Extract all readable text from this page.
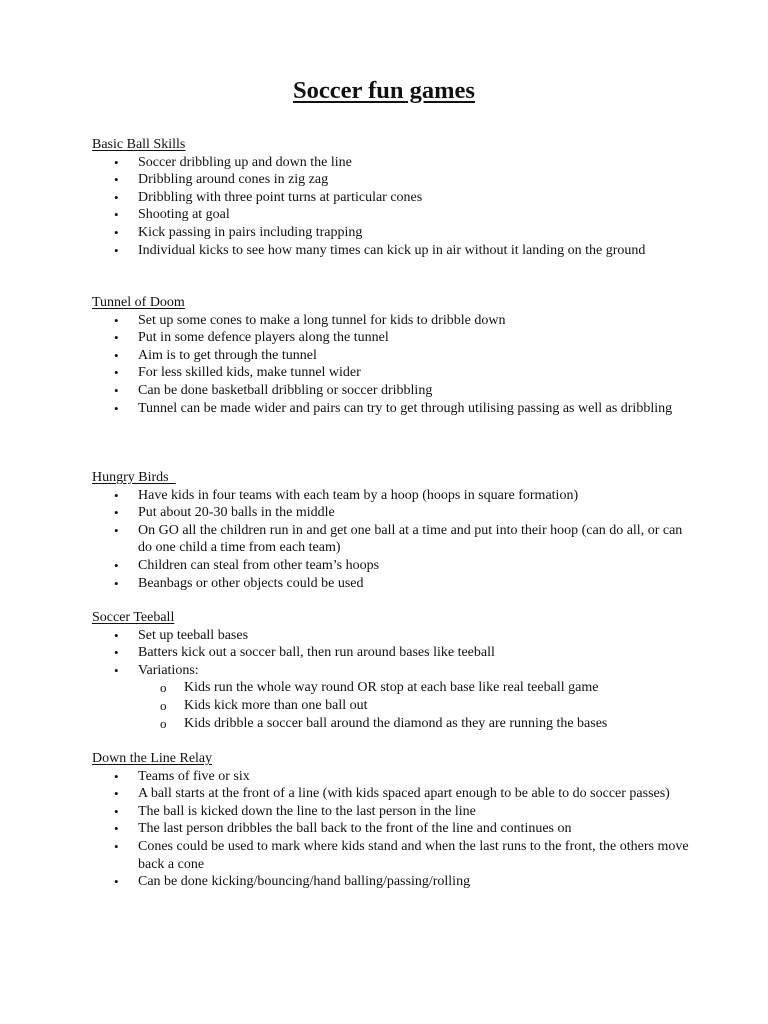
Soccer fun games
Basic Ball Skills
• Soccer dribbling up and down the line
• Dribbling around cones in zig zag
• Dribbling with three point turns at particular cones
• Shooting at goal
• Kick passing in pairs including trapping
• Individual kicks to see how many times can kick up in air without it landing on the ground
Tunnel of Doom
• Set up some cones to make a long tunnel for kids to dribble down
• Put in some defence players along the tunnel
• Aim is to get through the tunnel
• For less skilled kids, make tunnel wider
• Can be done basketball dribbling or soccer dribbling
• Tunnel can be made wider and pairs can try to get through utilising passing as well as dribbling
Hungry Birds
• Have kids in four teams with each team by a hoop (hoops in square formation)
• Put about 20-30 balls in the middle
• On GO all the children run in and get one ball at a time and put into their hoop (can do all, or can do one child a time from each team)
• Children can steal from other team’s hoops
• Beanbags or other objects could be used
Soccer Teeball
• Set up teeball bases
• Batters kick out a soccer ball, then run around bases like teeball
• Variations:
o Kids run the whole way round OR stop at each base like real teeball game
o Kids kick more than one ball out
o Kids dribble a soccer ball around the diamond as they are running the bases
Down the Line Relay
• Teams of five or six
• A ball starts at the front of a line (with kids spaced apart enough to be able to do soccer passes)
• The ball is kicked down the line to the last person in the line
• The last person dribbles the ball back to the front of the line and continues on
• Cones could be used to mark where kids stand and when the last runs to the front, the others move back a cone
• Can be done kicking/bouncing/hand balling/passing/rolling
